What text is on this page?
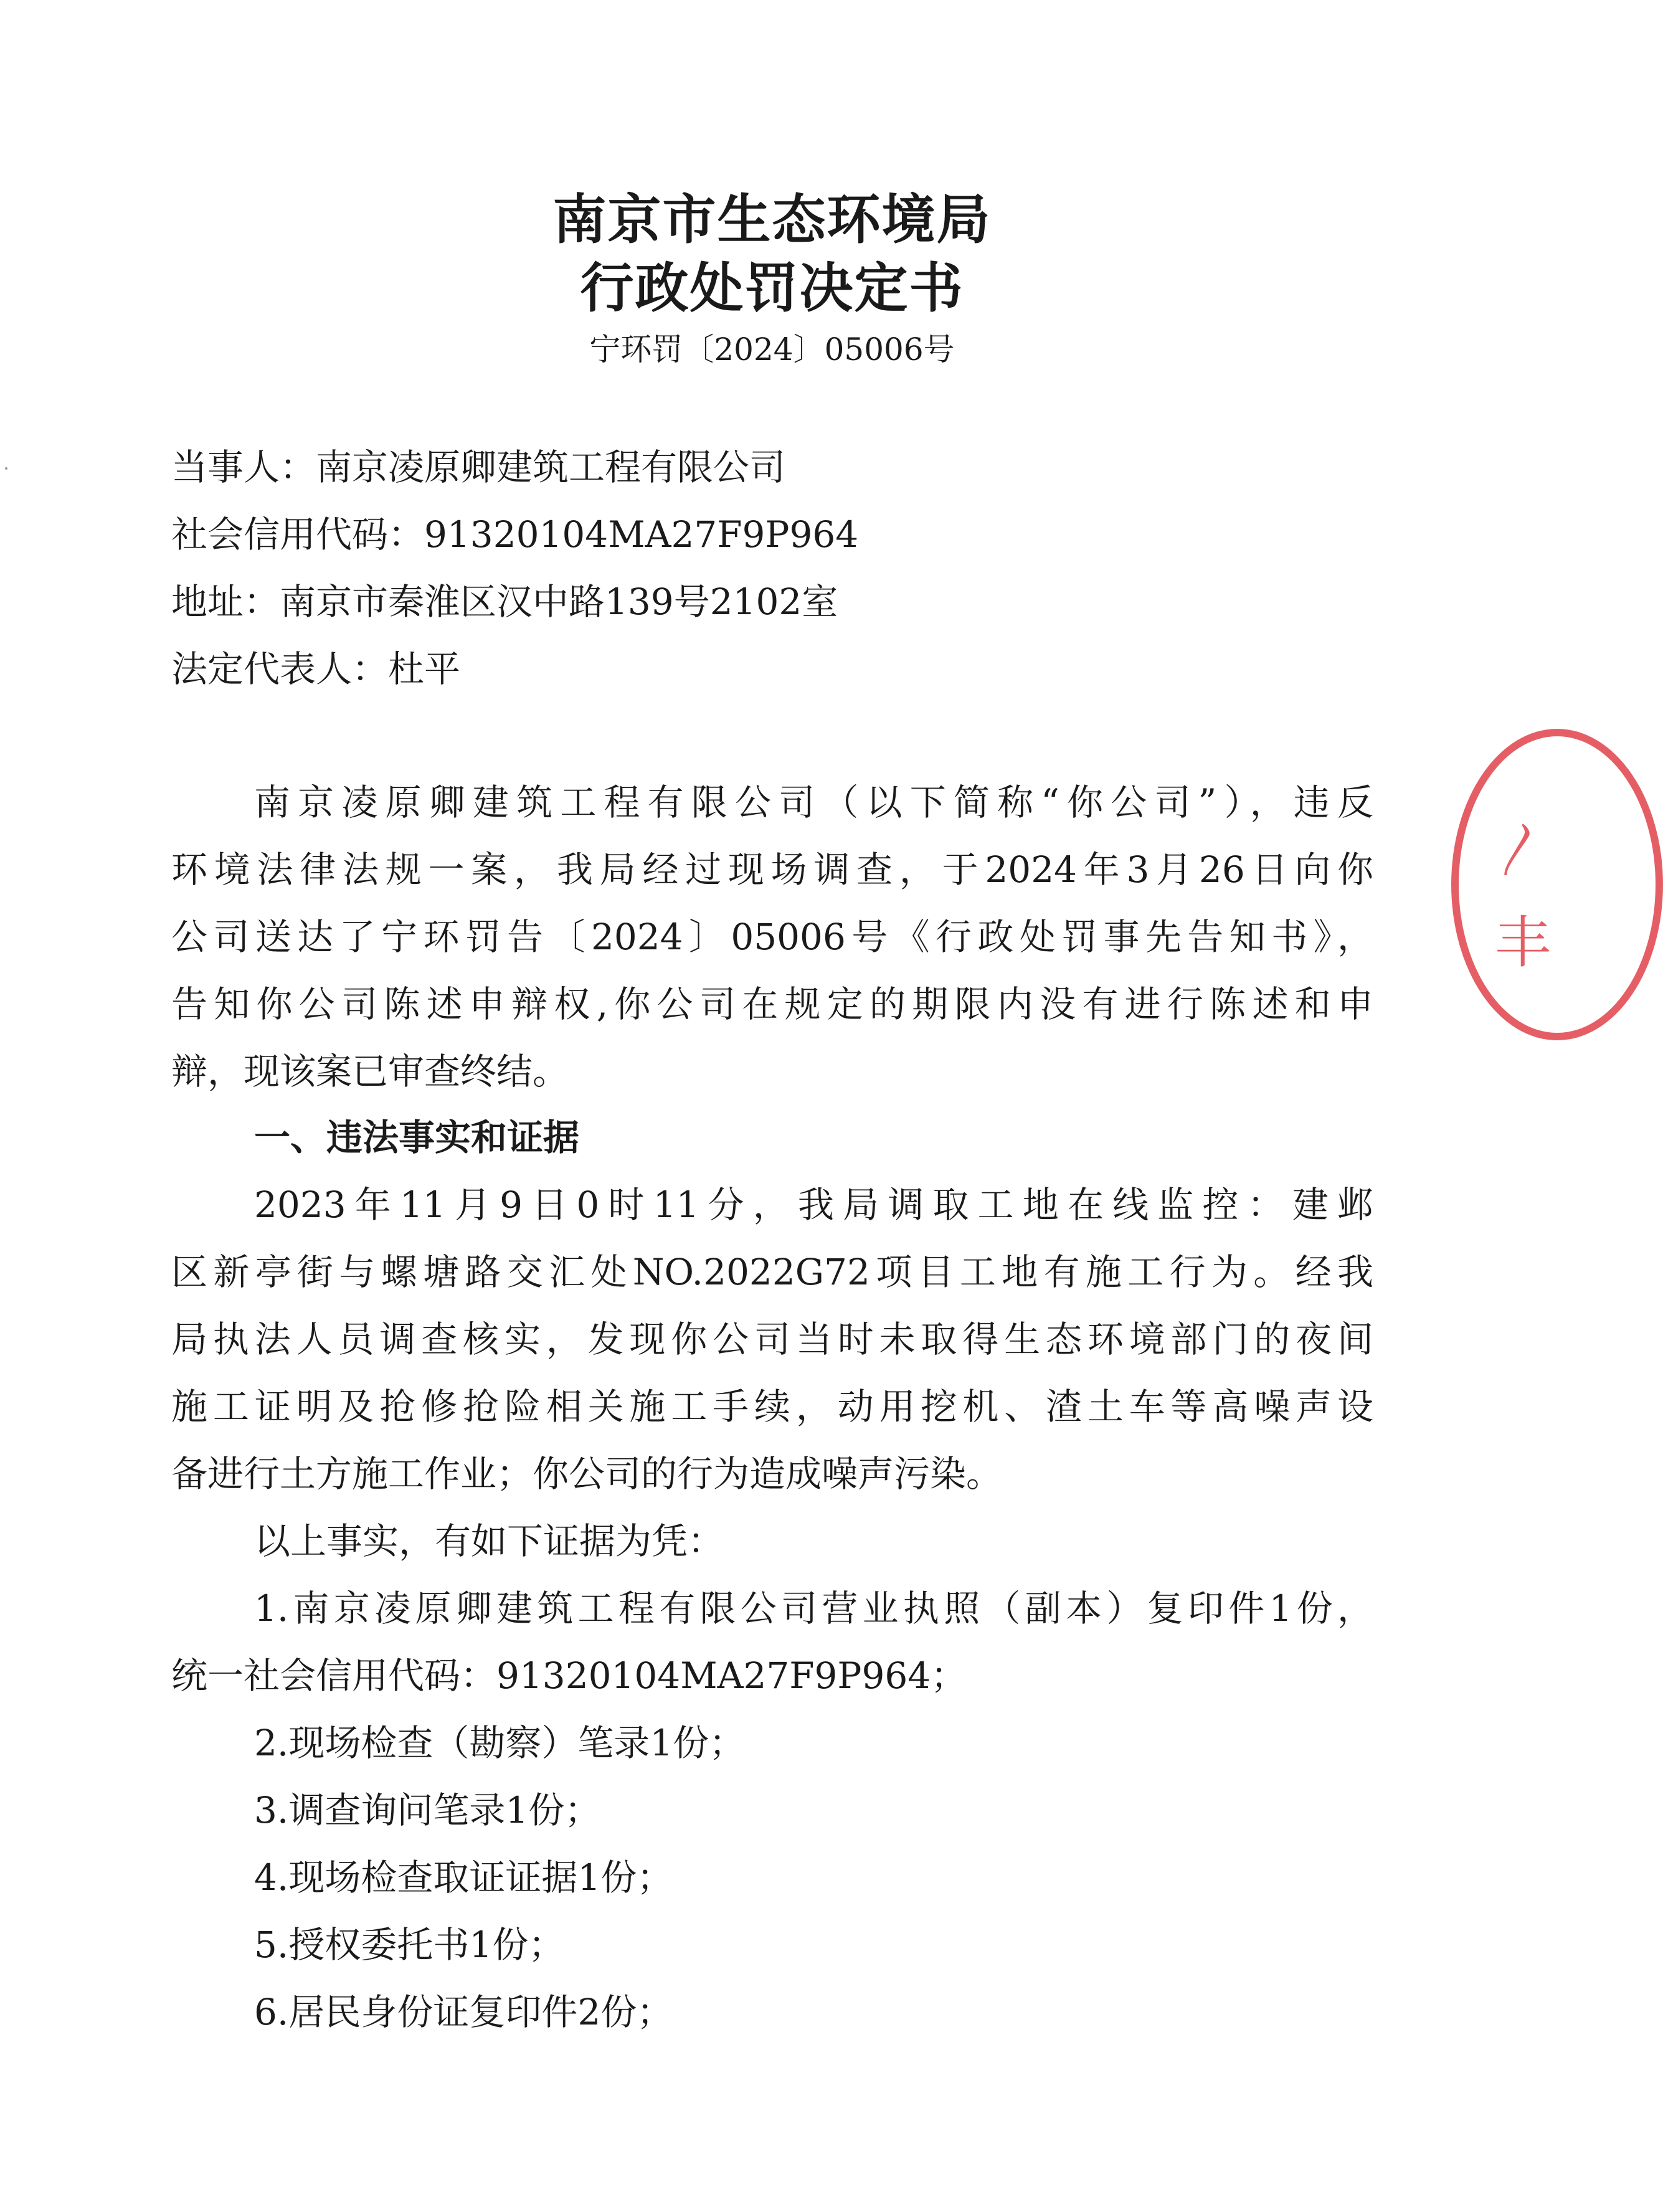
南京市生态环境局
行政处罚决定书
宁环罚〔2024〕05006号
当事人：南京凌原卿建筑工程有限公司
社会信用代码：91320104MA27F9P964
地址：南京市秦淮区汉中路139号2102室
法定代表人：杜平
南京凌原卿建筑工程有限公司（以下简称“你公司”），违反
环境法律法规一案，我局经过现场调查，于2024年3月26日向你
公司送达了宁环罚告〔2024〕05006号《行政处罚事先告知书》，
告知你公司陈述申辩权,你公司在规定的期限内没有进行陈述和申
辩，现该案已审查终结。
一、违法事实和证据
2023年11月9日0时11分，我局调取工地在线监控：建邺
区新亭街与螺塘路交汇处NO.2022G72项目工地有施工行为。经我
局执法人员调查核实，发现你公司当时未取得生态环境部门的夜间
施工证明及抢修抢险相关施工手续，动用挖机、渣土车等高噪声设
备进行土方施工作业；你公司的行为造成噪声污染。
以上事实，有如下证据为凭：
1.南京凌原卿建筑工程有限公司营业执照（副本）复印件1份，
统一社会信用代码：91320104MA27F9P964；
2.现场检查（勘察）笔录1份；
3.调查询问笔录1份；
4.现场检查取证证据1份；
5.授权委托书1份；
6.居民身份证复印件2份；
〳
丰
